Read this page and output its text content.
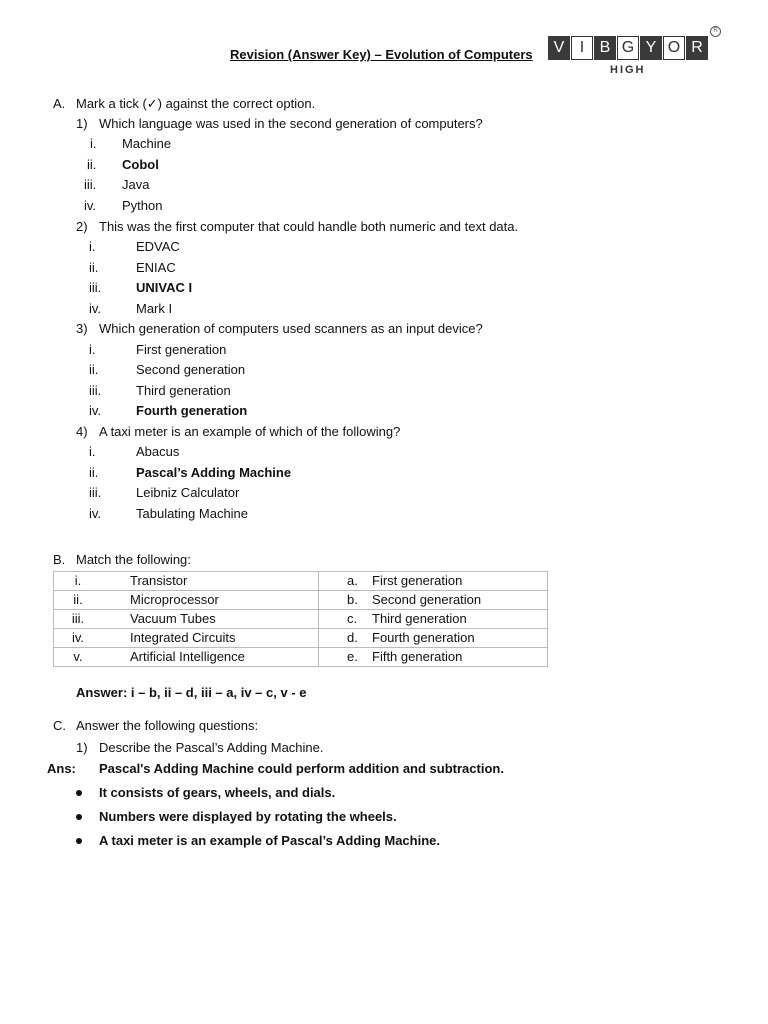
Revision (Answer Key) – Evolution of Computers	V I B G Y O R
R
HIGH
A. Mark a tick (✓) against the correct option.
1) Which language was used in the second generation of computers?
i. Machine
ii. Cobol
iii. Java
iv. Python
2) This was the first computer that could handle both numeric and text data.
i.	EDVAC
ii.	ENIAC
iii.	UNIVAC I
iv.	Mark I
3) Which generation of computers used scanners as an input device?
i.	First generation
ii.	Second generation
iii.	Third generation
iv.	Fourth generation
4) A taxi meter is an example of which of the following?
i.	Abacus
ii.	Pascal’s Adding Machine
iii.	Leibniz Calculator
iv.	Tabulating Machine
B. Match the following:
i. Transistor	a. First generation

ii. Microprocessor	b. Second generation

iii. Vacuum Tubes	c. Third generation

iv. Integrated Circuits	d. Fourth generation

v. Artificial Intelligence	e. Fifth generation
Answer: i – b, ii – d, iii – a, iv – c, v - e
C. Answer the following questions:
1) Describe the Pascal’s Adding Machine.
Ans: Pascal's Adding Machine could perform addition and subtraction.
It consists of gears, wheels, and dials.
Numbers were displayed by rotating the wheels.
A taxi meter is an example of Pascal’s Adding Machine.
